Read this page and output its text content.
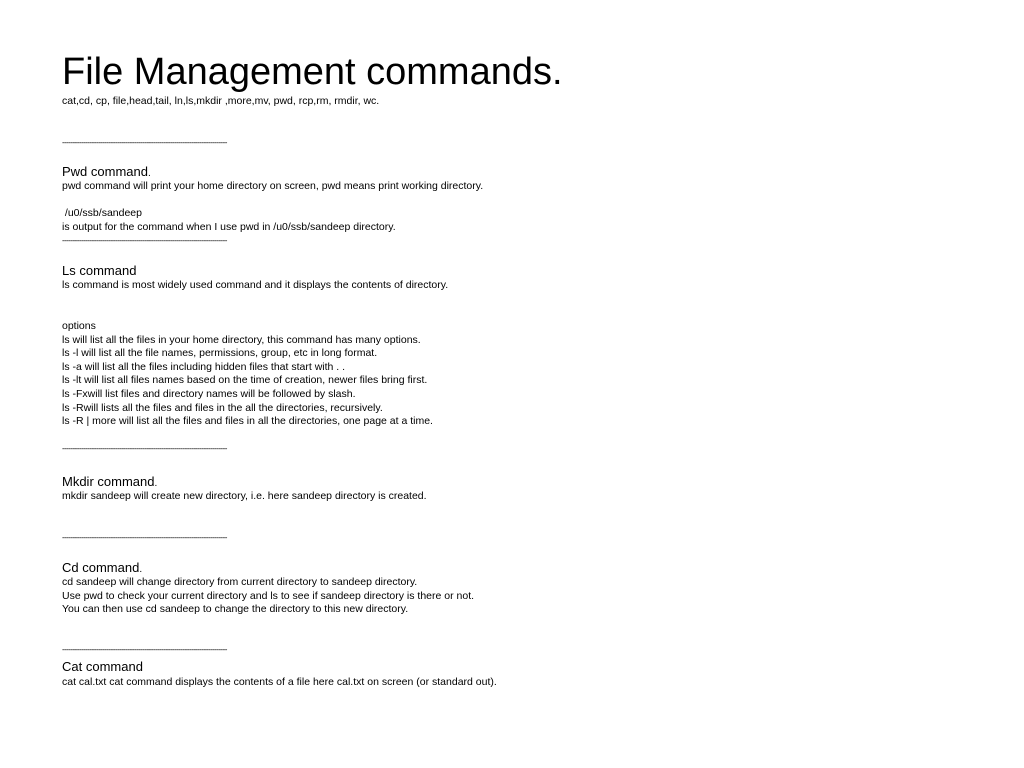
File Management commands.
cat,cd, cp, file,head,tail, ln,ls,mkdir ,more,mv, pwd, rcp,rm, rmdir, wc.
------------------------------------------------------------------------------
Pwd command.
pwd command will print your home directory on screen, pwd means print working directory.
/u0/ssb/sandeep
is output for the command when I use pwd in /u0/ssb/sandeep directory.
------------------------------------------------------------------------------
Ls command
ls command is most widely used command and it displays the contents of directory.
options
ls will list all the files in your home directory, this command has many options.
ls -l will list all the file names, permissions, group, etc in long format.
ls -a will list all the files including hidden files that start with . .
ls -lt will list all files names based on the time of creation, newer files bring first.
ls -Fxwill list files and directory names will be followed by slash.
ls -Rwill lists all the files and files in the all the directories, recursively.
ls -R | more will list all the files and files in all the directories, one page at a time.
------------------------------------------------------------------------------
Mkdir command.
mkdir sandeep will create new directory, i.e. here sandeep directory is created.
------------------------------------------------------------------------------
Cd command.
cd sandeep will change directory from current directory to sandeep directory.
Use pwd to check your current directory and ls to see if sandeep directory is there or not.
You can then use cd sandeep to change the directory to this new directory.
------------------------------------------------------------------------------
Cat command
cat cal.txt cat command displays the contents of a file here cal.txt on screen (or standard out).
